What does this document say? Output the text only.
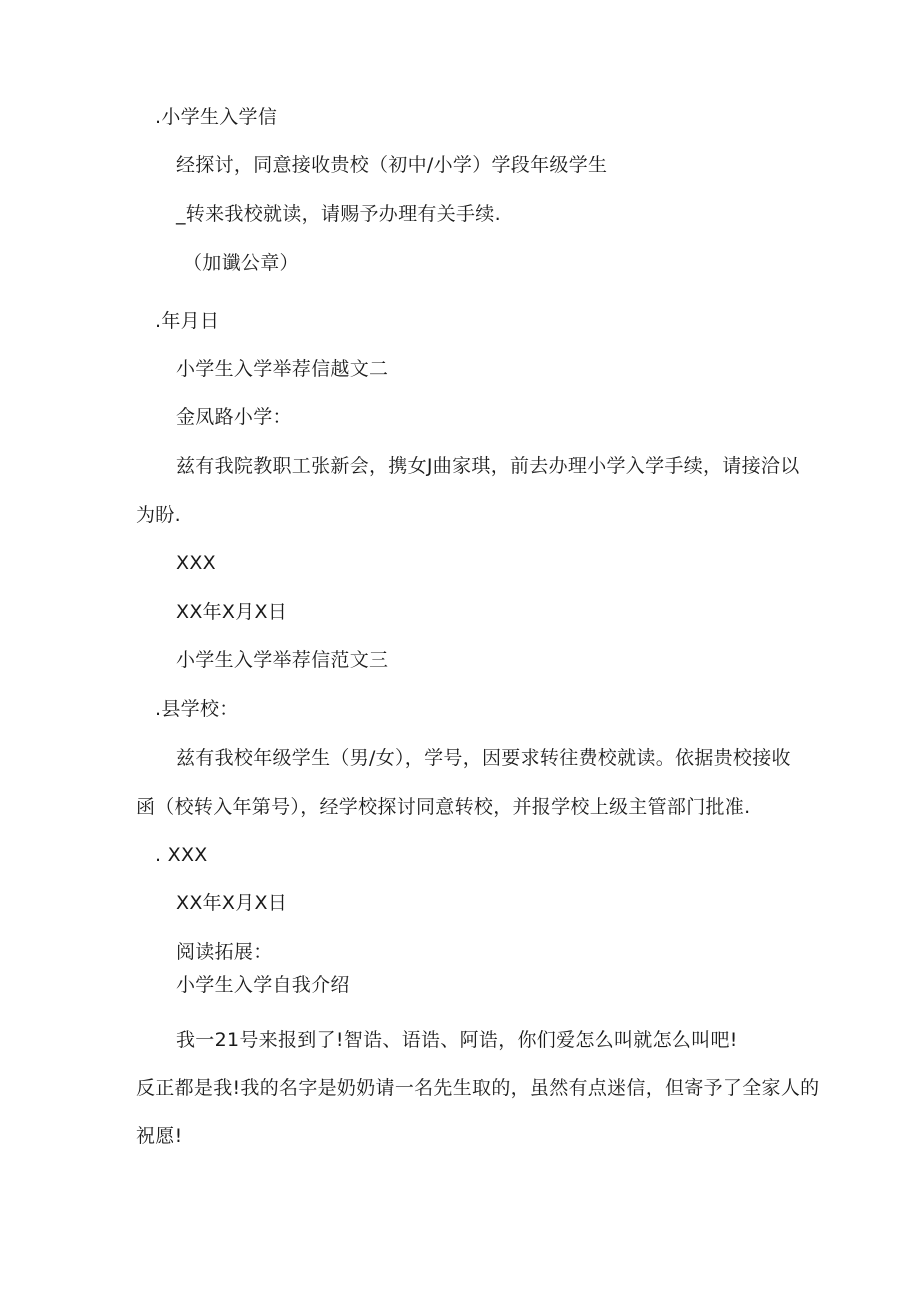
.小学生入学信
经探讨，同意接收贵校（初中/小学）学段年级学生
_转来我校就读，请赐予办理有关手续.
（加谶公章）
.年月日
小学生入学举荐信越文二
金凤路小学：
兹有我院教职工张新会，携女J曲家琪，前去办理小学入学手续，请接洽以
为盼.
XXX
XX年X月X日
小学生入学举荐信范文三
.县学校：
兹有我校年级学生（男/女），学号，因要求转往费校就读。依据贵校接收
函（校转入年第号），经学校探讨同意转校，并报学校上级主管部门批准.
. XXX
XX年X月X日
阅读拓展：
小学生入学自我介绍
我一21号来报到了!智诰、语诰、阿诰，你们爱怎么叫就怎么叫吧!
反正都是我!我的名字是奶奶请一名先生取的，虽然有点迷信，但寄予了全家人的
祝愿!
